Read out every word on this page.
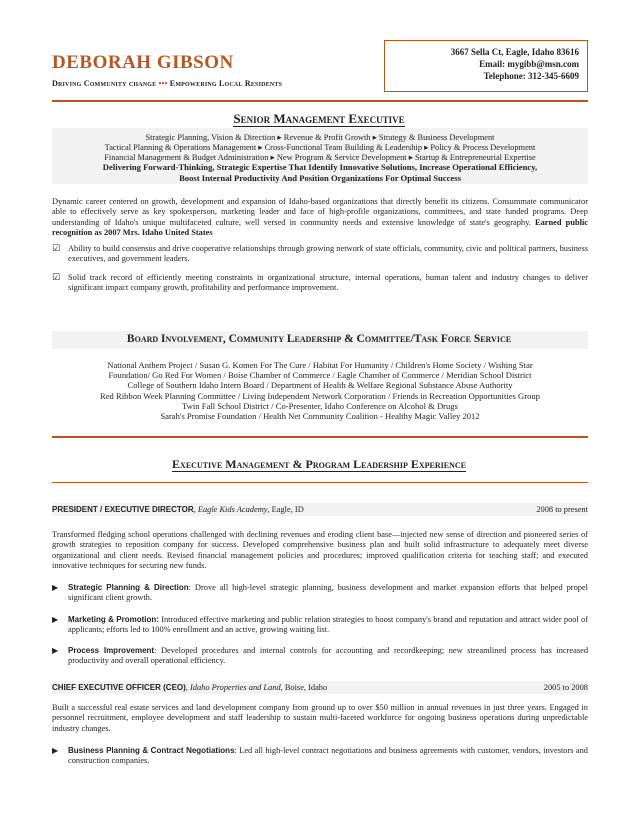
DEBORAH GIBSON
Driving Community change ••• Empowering Local Residents
3667 Sella Ct, Eagle, Idaho 83616
Email: mygibb@msn.com
Telephone: 312-345-6609
Senior Management Executive
Strategic Planning, Vision & Direction ▸ Revenue & Profit Growth ▸ Strategy & Business Development
Tactical Planning & Operations Management ▸ Cross-Functional Team Building & Leadership ▸ Policy & Process Development
Financial Management & Budget Administration ▸ New Program & Service Development ▸ Startup & Entrepreneurial Expertise
Delivering Forward-Thinking, Strategic Expertise That Identify Innovative Solutions, Increase Operational Efficiency,
Boost Internal Productivity And Position Organizations For Optimal Success
Dynamic career centered on growth, development and expansion of Idaho-based organizations that directly benefit its citizens. Consummate communicator able to effectively serve as key spokesperson, marketing leader and face of high-profile organizations, committees, and state funded programs. Deep understanding of Idaho's unique multifaceted culture, well versed in community needs and extensive knowledge of state's geography. Earned public recognition as 2007 Mrs. Idaho United States
☑ Ability to build consensus and drive cooperative relationships through growing network of state officials, community, civic and political partners, business executives, and government leaders.
☑ Solid track record of efficiently meeting constraints in organizational structure, internal operations, human talent and industry changes to deliver significant impact company growth, profitability and performance improvement.
Board Involvement, Community Leadership & Committee/Task Force Service
National Anthem Project / Susan G. Komen For The Cure / Habitat For Humanity / Children's Home Society / Wishing Star
Foundation/ Go Red For Women / Boise Chamber of Commerce / Eagle Chamber of Commerce / Meridian School District
College of Southern Idaho Intern Board / Department of Health & Welfare Regional Substance Abuse Authority
Red Ribbon Week Planning Committee / Living Independent Network Corporation / Friends in Recreation Opportunities Group
Twin Fall School District / Co-Presenter, Idaho Conference on Alcohol & Drugs
Sarah's Promise Foundation / Health Net Community Coalition - Healthy Magic Valley 2012
Executive Management & Program Leadership Experience
PRESIDENT / EXECUTIVE DIRECTOR, Eagle Kids Academy, Eagle, ID	2008 to present
Transformed fledging school operations challenged with declining revenues and eroding client base—injected new sense of direction and pioneered series of growth strategies to reposition company for success. Developed comprehensive business plan and built solid infrastructure to adequately meet diverse organizational and client needs. Revised financial management policies and procedures; improved qualification criteria for teaching staff; and executed innovative techniques for securing new funds.
▶ Strategic Planning & Direction: Drove all high-level strategic planning, business development and market expansion efforts that helped propel significant client growth.
▶ Marketing & Promotion: Introduced effective marketing and public relation strategies to boost company's brand and reputation and attract wider pool of applicants; efforts led to 100% enrollment and an active, growing waiting list.
▶ Process Improvement: Developed procedures and internal controls for accounting and recordkeeping; new streamlined process has increased productivity and overall operational efficiency.
CHIEF EXECUTIVE OFFICER (CEO), Idaho Properties and Land, Boise, Idaho	2005 to 2008
Built a successful real estate services and land development company from ground up to over $50 million in annual revenues in just three years. Engaged in personnel recruitment, employee development and staff leadership to sustain multi-faceted workforce for ongoing business operations during unpredictable industry changes.
▶ Business Planning & Contract Negotiations: Led all high-level contract negotiations and business agreements with customer, vendors, investors and construction companies.
